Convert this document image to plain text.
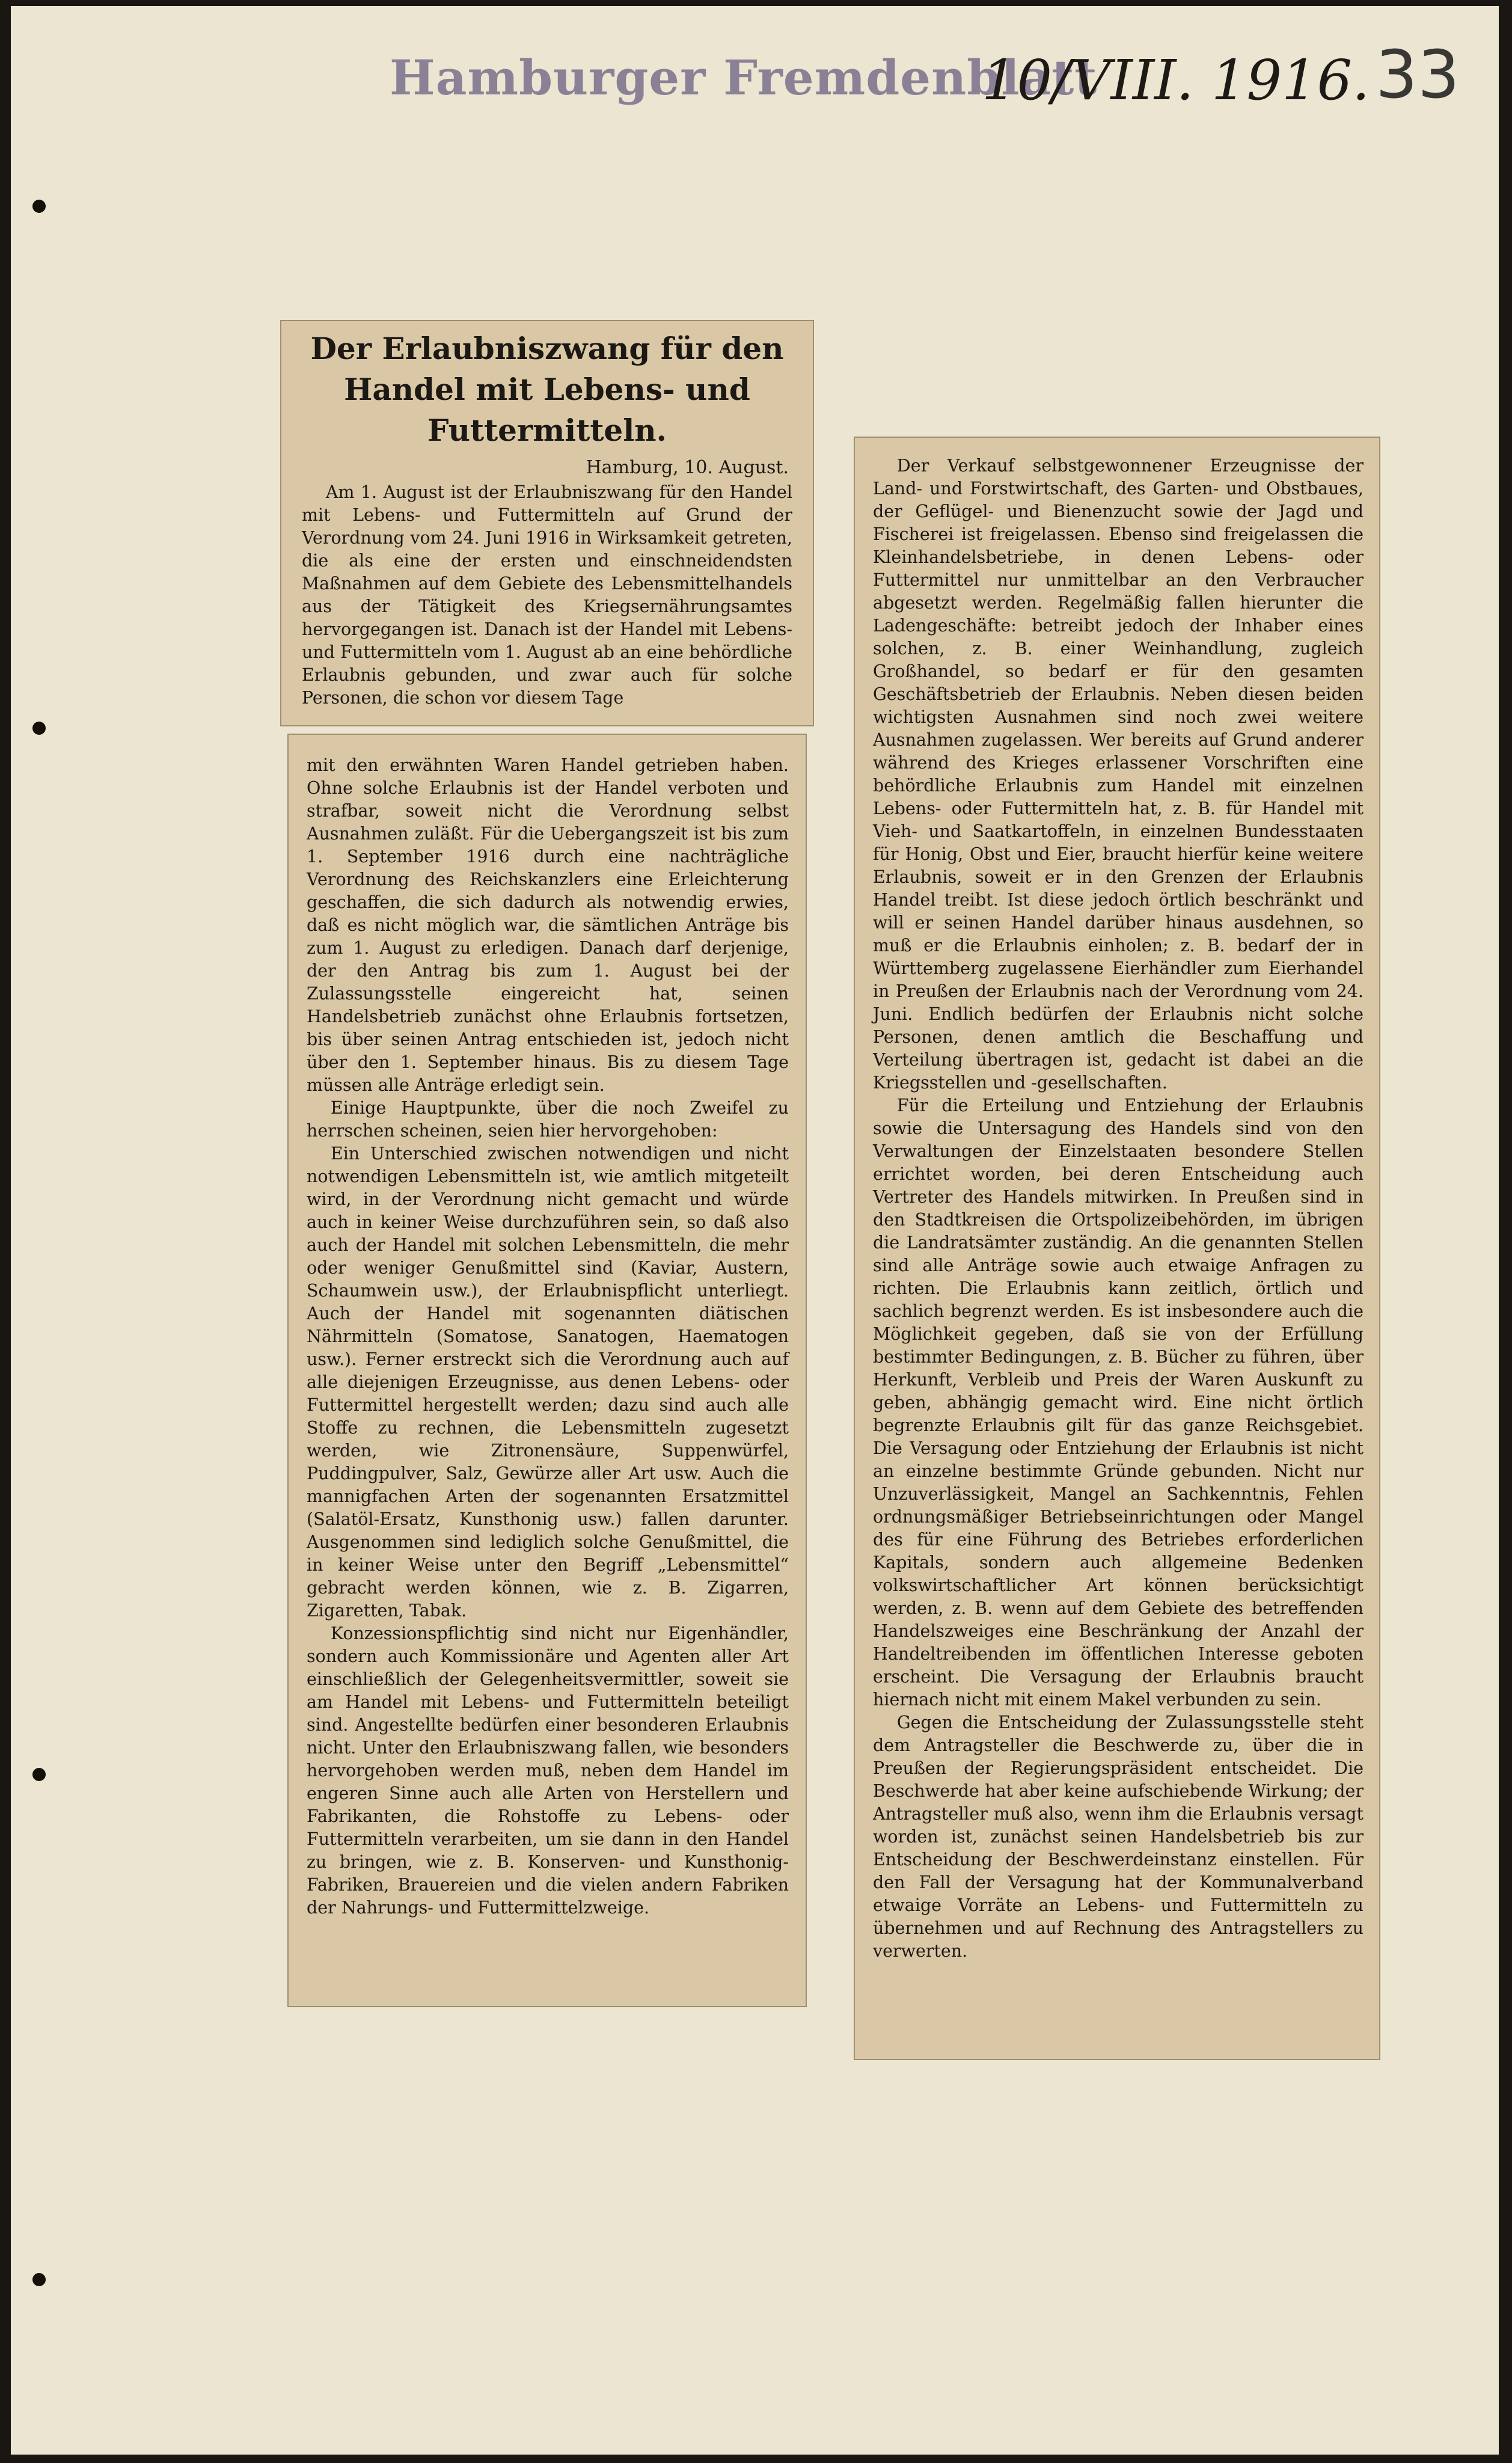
Hamburger Fremdenblatt
10/VIII. 1916. 33
Der Erlaubniszwang für den Handel mit Lebens- und Futtermitteln.
Hamburg, 10. August.

Am 1. August ist der Erlaubniszwang für den Handel mit Lebens- und Futtermitteln auf Grund der Verordnung vom 24. Juni 1916 in Wirksamkeit getreten, die als eine der ersten und einschneidendsten Maßnahmen auf dem Gebiete des Lebensmittelhandels aus der Tätigkeit des Kriegsernährungsamtes hervorgegangen ist. Danach ist der Handel mit Lebens- und Futtermitteln vom 1. August ab an eine behördliche Erlaubnis gebunden, und zwar auch für solche Personen, die schon vor diesem Tage

mit den erwähnten Waren Handel getrieben haben. Ohne solche Erlaubnis ist der Handel verboten und strafbar, soweit nicht die Verordnung selbst Ausnahmen zuläßt. Für die Uebergangszeit ist bis zum 1. September 1916 durch eine nachträgliche Verordnung des Reichskanzlers eine Erleichterung geschaffen, die sich dadurch als notwendig erwies, daß es nicht möglich war, die sämtlichen Anträge bis zum 1. August zu erledigen. Danach darf derjenige, der den Antrag bis zum 1. August bei der Zulassungsstelle eingereicht hat, seinen Handelsbetrieb zunächst ohne Erlaubnis fortsetzen, bis über seinen Antrag entschieden ist, jedoch nicht über den 1. September hinaus. Bis zu diesem Tage müssen alle Anträge erledigt sein.

Einige Hauptpunkte, über die noch Zweifel zu herrschen scheinen, seien hier hervorgehoben:

Ein Unterschied zwischen notwendigen und nicht notwendigen Lebensmitteln ist, wie amtlich mitgeteilt wird, in der Verordnung nicht gemacht und würde auch in keiner Weise durchzuführen sein, so daß also auch der Handel mit solchen Lebensmitteln, die mehr oder weniger Genußmittel sind (Kaviar, Austern, Schaumwein usw.), der Erlaubnispflicht unterliegt. Auch der Handel mit sogenannten diätischen Nährmitteln (Somatose, Sanatogen, Haematogen usw.). Ferner erstreckt sich die Verordnung auch auf alle diejenigen Erzeugnisse, aus denen Lebens- oder Futtermittel hergestellt werden; dazu sind auch alle Stoffe zu rechnen, die Lebensmitteln zugesetzt werden, wie Zitronensäure, Suppenwürfel, Puddingpulver, Salz, Gewürze aller Art usw. Auch die mannigfachen Arten der sogenannten Ersatzmittel (Salatöl-Ersatz, Kunsthonig usw.) fallen darunter. Ausgenommen sind lediglich solche Genußmittel, die in keiner Weise unter den Begriff „Lebensmittel“ gebracht werden können, wie z. B. Zigarren, Zigaretten, Tabak.

Konzessionspflichtig sind nicht nur Eigenhändler, sondern auch Kommissionäre und Agenten aller Art einschließlich der Gelegenheitsvermittler, soweit sie am Handel mit Lebens- und Futtermitteln beteiligt sind. Angestellte bedürfen einer besonderen Erlaubnis nicht. Unter den Erlaubniszwang fallen, wie besonders hervorgehoben werden muß, neben dem Handel im engeren Sinne auch alle Arten von Herstellern und Fabrikanten, die Rohstoffe zu Lebens- oder Futtermitteln verarbeiten, um sie dann in den Handel zu bringen, wie z. B. Konserven- und Kunsthonig-Fabriken, Brauereien und die vielen andern Fabriken der Nahrungs- und Futtermittelzweige.

Der Verkauf selbstgewonnener Erzeugnisse der Land- und Forstwirtschaft, des Garten- und Obstbaues, der Geflügel- und Bienenzucht sowie der Jagd und Fischerei ist freigelassen. Ebenso sind freigelassen die Kleinhandelsbetriebe, in denen Lebens- oder Futtermittel nur unmittelbar an den Verbraucher abgesetzt werden. Regelmäßig fallen hierunter die Ladengeschäfte: betreibt jedoch der Inhaber eines solchen, z. B. einer Weinhandlung, zugleich Großhandel, so bedarf er für den gesamten Geschäftsbetrieb der Erlaubnis. Neben diesen beiden wichtigsten Ausnahmen sind noch zwei weitere Ausnahmen zugelassen. Wer bereits auf Grund anderer während des Krieges erlassener Vorschriften eine behördliche Erlaubnis zum Handel mit einzelnen Lebens- oder Futtermitteln hat, z. B. für Handel mit Vieh- und Saatkartoffeln, in einzelnen Bundesstaaten für Honig, Obst und Eier, braucht hierfür keine weitere Erlaubnis, soweit er in den Grenzen der Erlaubnis Handel treibt. Ist diese jedoch örtlich beschränkt und will er seinen Handel darüber hinaus ausdehnen, so muß er die Erlaubnis einholen; z. B. bedarf der in Württemberg zugelassene Eierhändler zum Eierhandel in Preußen der Erlaubnis nach der Verordnung vom 24. Juni. Endlich bedürfen der Erlaubnis nicht solche Personen, denen amtlich die Beschaffung und Verteilung übertragen ist, gedacht ist dabei an die Kriegsstellen und -gesellschaften.

Für die Erteilung und Entziehung der Erlaubnis sowie die Untersagung des Handels sind von den Verwaltungen der Einzelstaaten besondere Stellen errichtet worden, bei deren Entscheidung auch Vertreter des Handels mitwirken. In Preußen sind in den Stadtkreisen die Ortspolizeibehörden, im übrigen die Landratsämter zuständig. An die genannten Stellen sind alle Anträge sowie auch etwaige Anfragen zu richten. Die Erlaubnis kann zeitlich, örtlich und sachlich begrenzt werden. Es ist insbesondere auch die Möglichkeit gegeben, daß sie von der Erfüllung bestimmter Bedingungen, z. B. Bücher zu führen, über Herkunft, Verbleib und Preis der Waren Auskunft zu geben, abhängig gemacht wird. Eine nicht örtlich begrenzte Erlaubnis gilt für das ganze Reichsgebiet. Die Versagung oder Entziehung der Erlaubnis ist nicht an einzelne bestimmte Gründe gebunden. Nicht nur Unzuverlässigkeit, Mangel an Sachkenntnis, Fehlen ordnungsmäßiger Betriebseinrichtungen oder Mangel des für eine Führung des Betriebes erforderlichen Kapitals, sondern auch allgemeine Bedenken volkswirtschaftlicher Art können berücksichtigt werden, z. B. wenn auf dem Gebiete des betreffenden Handelszweiges eine Beschränkung der Anzahl der Handeltreibenden im öffentlichen Interesse geboten erscheint. Die Versagung der Erlaubnis braucht hiernach nicht mit einem Makel verbunden zu sein.

Gegen die Entscheidung der Zulassungsstelle steht dem Antragsteller die Beschwerde zu, über die in Preußen der Regierungspräsident entscheidet. Die Beschwerde hat aber keine aufschiebende Wirkung; der Antragsteller muß also, wenn ihm die Erlaubnis versagt worden ist, zunächst seinen Handelsbetrieb bis zur Entscheidung der Beschwerdeinstanz einstellen. Für den Fall der Versagung hat der Kommunalverband etwaige Vorräte an Lebens- und Futtermitteln zu übernehmen und auf Rechnung des Antragstellers zu verwerten.
